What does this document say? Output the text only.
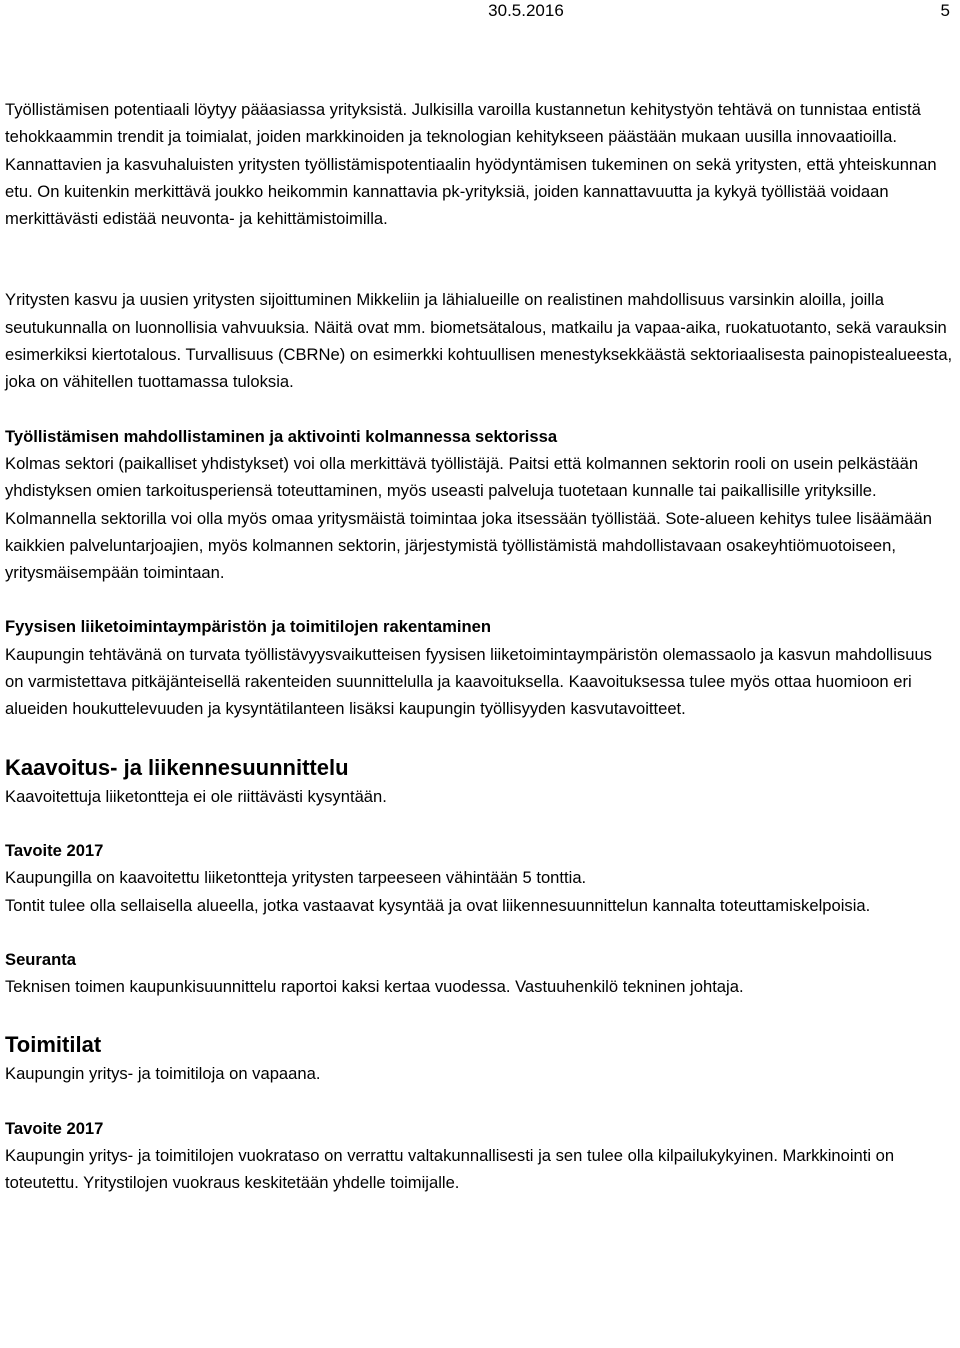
30.5.2016	5

Työllistämisen potentiaali löytyy pääasiassa yrityksistä. Julkisilla varoilla kustannetun kehitystyön tehtävä on tunnistaa entistä tehokkaammin trendit ja toimialat, joiden markkinoiden ja teknologian kehitykseen päästään mukaan uusilla innovaatioilla. Kannattavien ja kasvuhaluisten yritysten työllistämispotentiaalin hyödyntämisen tukeminen on sekä yritysten, että yhteiskunnan etu. On kuitenkin merkittävä joukko heikommin kannattavia pk-yrityksiä, joiden kannattavuutta ja kykyä työllistää voidaan merkittävästi edistää neuvonta- ja kehittämistoimilla.

Yritysten kasvu ja uusien yritysten sijoittuminen Mikkeliin ja lähialueille on realistinen mahdollisuus varsinkin aloilla, joilla seutukunnalla on luonnollisia vahvuuksia. Näitä ovat mm. biometsätalous, matkailu ja vapaa-aika, ruokatuotanto, sekä varauksin esimerkiksi kiertotalous. Turvallisuus (CBRNe) on esimerkki kohtuullisen menestyksekkäästä sektoriaalisesta painopistealueesta, joka on vähitellen tuottamassa tuloksia.

Työllistämisen mahdollistaminen ja aktivointi kolmannessa sektorissa

Kolmas sektori (paikalliset yhdistykset) voi olla merkittävä työllistäjä. Paitsi että kolmannen sektorin rooli on usein pelkästään yhdistyksen omien tarkoitusperiensä toteuttaminen, myös useasti palveluja tuotetaan kunnalle tai paikallisille yrityksille. Kolmannella sektorilla voi olla myös omaa yritysmäistä toimintaa joka itsessään työllistää. Sote-alueen kehitys tulee lisäämään kaikkien palveluntarjoajien, myös kolmannen sektorin, järjestymistä työllistämistä mahdollistavaan osakeyhtiömuotoiseen, yritysmäisempään toimintaan.

Fyysisen liiketoimintaympäristön ja toimitilojen rakentaminen

Kaupungin tehtävänä on turvata työllistävyysvaikutteisen fyysisen liiketoimintaympäristön olemassaolo ja kasvun mahdollisuus on varmistettava pitkäjänteisellä rakenteiden suunnittelulla ja kaavoituksella. Kaavoituksessa tulee myös ottaa huomioon eri alueiden houkuttelevuuden ja kysyntätilanteen lisäksi kaupungin työllisyyden kasvutavoitteet.

Kaavoitus- ja liikennesuunnittelu

Kaavoitettuja liiketontteja ei ole riittävästi kysyntään.

Tavoite 2017

Kaupungilla on kaavoitettu liiketontteja yritysten tarpeeseen vähintään 5 tonttia.

Tontit tulee olla sellaisella alueella, jotka vastaavat kysyntää ja ovat liikennesuunnittelun kannalta toteuttamiskelpoisia.

Seuranta

Teknisen toimen kaupunkisuunnittelu raportoi kaksi kertaa vuodessa. Vastuuhenkilö tekninen johtaja.

Toimitilat

Kaupungin yritys- ja toimitiloja on vapaana.

Tavoite 2017

Kaupungin yritys- ja toimitilojen vuokrataso on verrattu valtakunnallisesti ja sen tulee olla kilpailukykyinen. Markkinointi on toteutettu. Yritystilojen vuokraus keskitetään yhdelle toimijalle.
